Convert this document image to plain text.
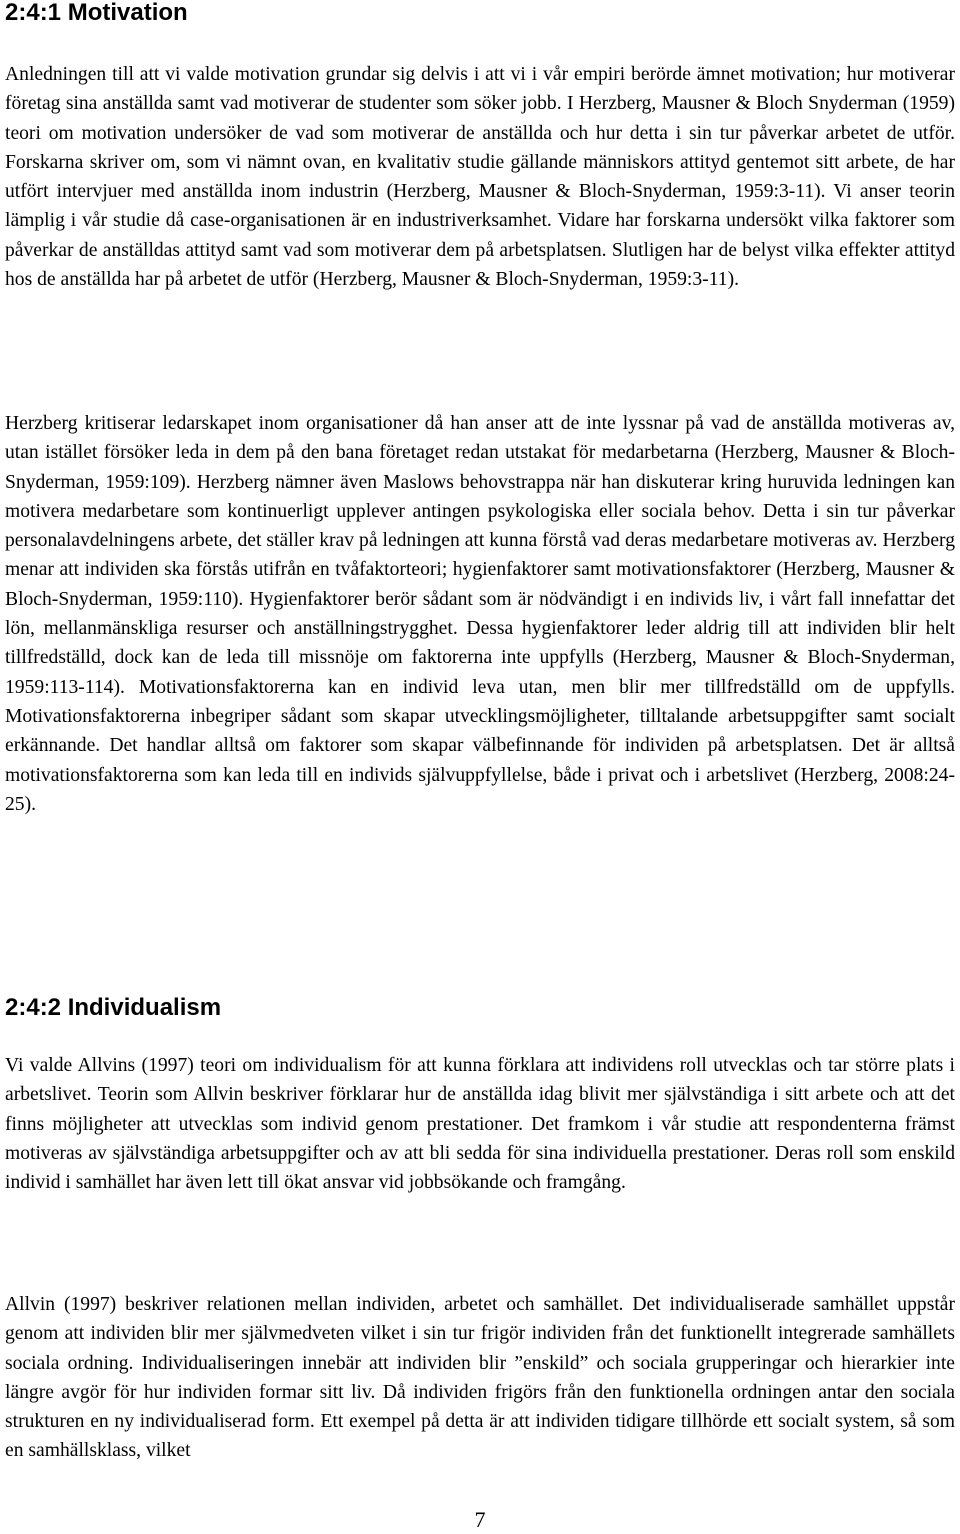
2:4:1 Motivation

Anledningen till att vi valde motivation grundar sig delvis i att vi i vår empiri berörde ämnet motivation; hur motiverar företag sina anställda samt vad motiverar de studenter som söker jobb. I Herzberg, Mausner & Bloch Snyderman (1959) teori om motivation undersöker de vad som motiverar de anställda och hur detta i sin tur påverkar arbetet de utför. Forskarna skriver om, som vi nämnt ovan, en kvalitativ studie gällande människors attityd gentemot sitt arbete, de har utfört intervjuer med anställda inom industrin (Herzberg, Mausner & Bloch-Snyderman, 1959:3-11). Vi anser teorin lämplig i vår studie då case-organisationen är en industriverksamhet. Vidare har forskarna undersökt vilka faktorer som påverkar de anställdas attityd samt vad som motiverar dem på arbetsplatsen. Slutligen har de belyst vilka effekter attityd hos de anställda har på arbetet de utför (Herzberg, Mausner & Bloch-Snyderman, 1959:3-11).

Herzberg kritiserar ledarskapet inom organisationer då han anser att de inte lyssnar på vad de anställda motiveras av, utan istället försöker leda in dem på den bana företaget redan utstakat för medarbetarna (Herzberg, Mausner & Bloch-Snyderman, 1959:109). Herzberg nämner även Maslows behovstrappa när han diskuterar kring huruvida ledningen kan motivera medarbetare som kontinuerligt upplever antingen psykologiska eller sociala behov. Detta i sin tur påverkar personalavdelningens arbete, det ställer krav på ledningen att kunna förstå vad deras medarbetare motiveras av. Herzberg menar att individen ska förstås utifrån en tvåfaktorteori; hygienfaktorer samt motivationsfaktorer (Herzberg, Mausner & Bloch-Snyderman, 1959:110). Hygienfaktorer berör sådant som är nödvändigt i en individs liv, i vårt fall innefattar det lön, mellanmänskliga resurser och anställningstrygghet. Dessa hygienfaktorer leder aldrig till att individen blir helt tillfredställd, dock kan de leda till missnöje om faktorerna inte uppfylls (Herzberg, Mausner & Bloch-Snyderman, 1959:113-114). Motivationsfaktorerna kan en individ leva utan, men blir mer tillfredställd om de uppfylls. Motivationsfaktorerna inbegriper sådant som skapar utvecklingsmöjligheter, tilltalande arbetsuppgifter samt socialt erkännande. Det handlar alltså om faktorer som skapar välbefinnande för individen på arbetsplatsen. Det är alltså motivationsfaktorerna som kan leda till en individs självuppfyllelse, både i privat och i arbetslivet (Herzberg, 2008:24-25).

2:4:2 Individualism

Vi valde Allvins (1997) teori om individualism för att kunna förklara att individens roll utvecklas och tar större plats i arbetslivet. Teorin som Allvin beskriver förklarar hur de anställda idag blivit mer självständiga i sitt arbete och att det finns möjligheter att utvecklas som individ genom prestationer. Det framkom i vår studie att respondenterna främst motiveras av självständiga arbetsuppgifter och av att bli sedda för sina individuella prestationer. Deras roll som enskild individ i samhället har även lett till ökat ansvar vid jobbsökande och framgång.

Allvin (1997) beskriver relationen mellan individen, arbetet och samhället. Det individualiserade samhället uppstår genom att individen blir mer självmedveten vilket i sin tur frigör individen från det funktionellt integrerade samhällets sociala ordning. Individualiseringen innebär att individen blir ”enskild” och sociala grupperingar och hierarkier inte längre avgör för hur individen formar sitt liv. Då individen frigörs från den funktionella ordningen antar den sociala strukturen en ny individualiserad form. Ett exempel på detta är att individen tidigare tillhörde ett socialt system, så som en samhällsklass, vilket

7
